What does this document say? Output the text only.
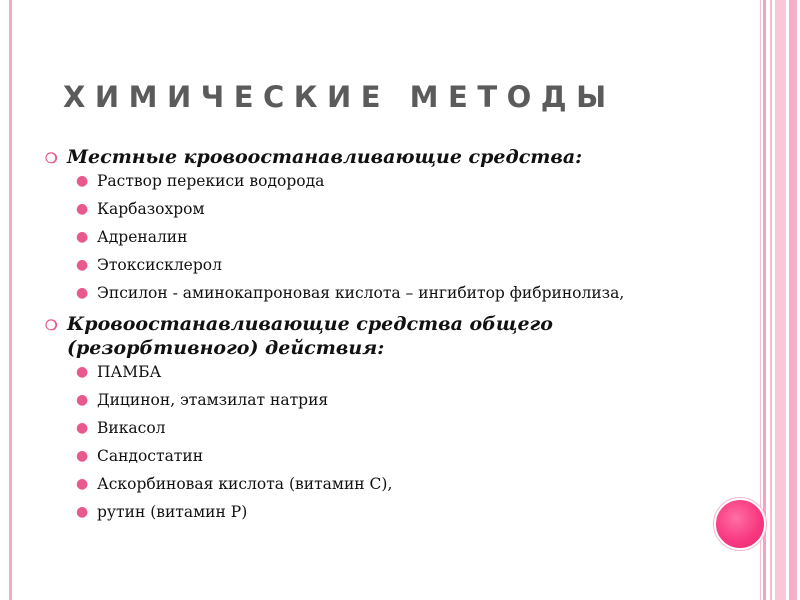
ХИМИЧЕСКИЕ МЕТОДЫ
❍ Местные кровоостанавливающие средства:
● Раствор перекиси водорода
● Карбазохром
● Адреналин
● Этоксисклерол
● Эпсилон - аминокапроновая кислота – ингибитор фибринолиза,
❍ Кровоостанавливающие средства общего (резорбтивного) действия:
● ПАМБА
● Дицинон, этамзилат натрия
● Викасол
● Сандостатин
● Аскорбиновая кислота (витамин С),
● рутин (витамин Р)
